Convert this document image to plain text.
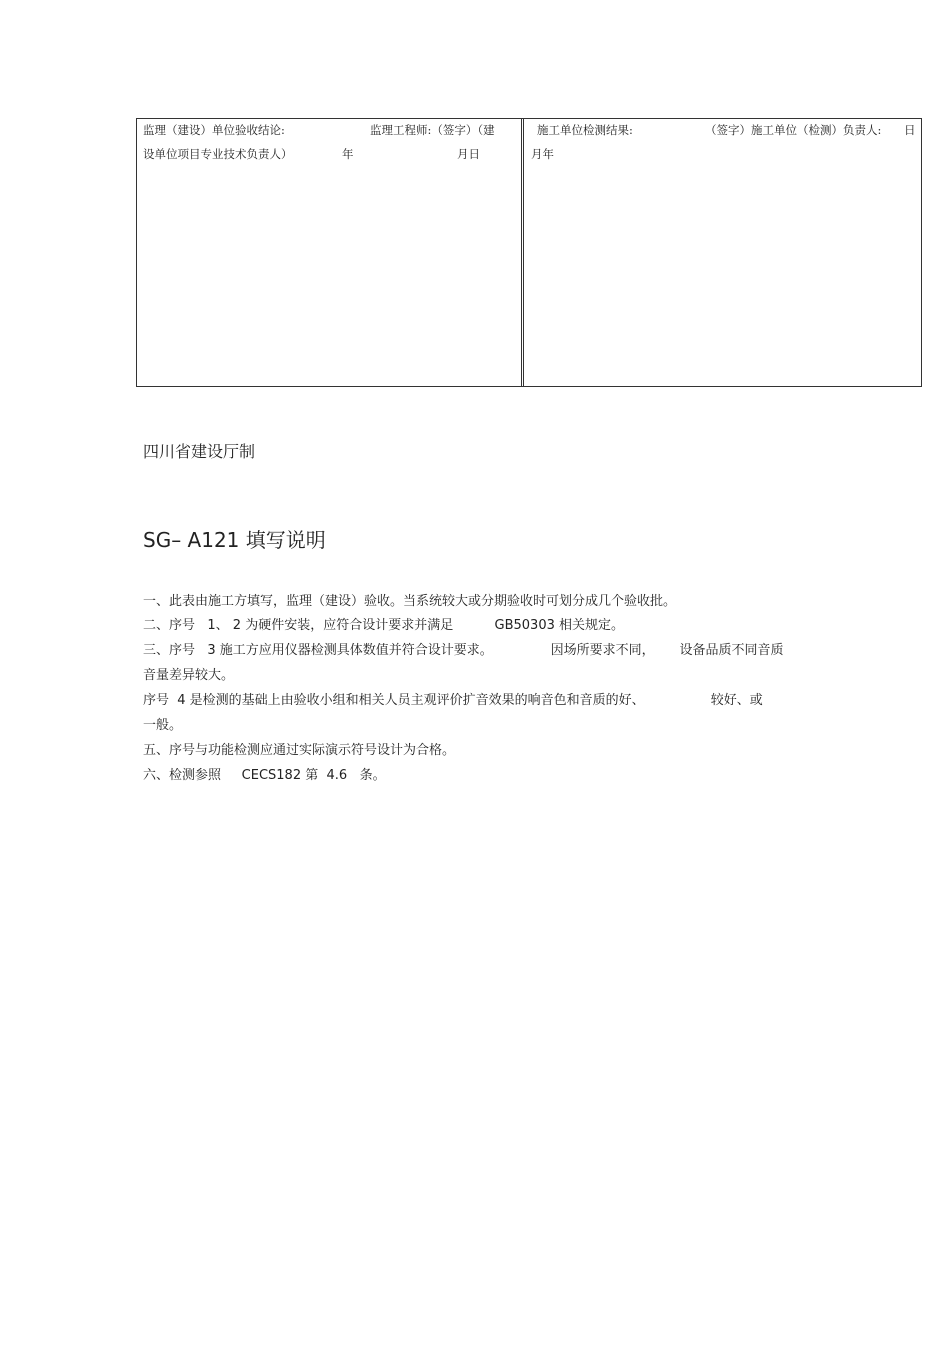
监理（建设）单位验收结论:	监理工程师:（签字）（建
设单位项目专业技术负责人）	年	月日
施工单位检测结果:	（签字）施工单位（检测）负责人: 日
月年
四川省建设厅制
SG– A121 填写说明
一、此表由施工方填写，监理（建设）验收。当系统较大或分期验收时可划分成几个验收批。
二、序号   1、 2 为硬件安装，应符合设计要求并满足          GB50303 相关规定。
三、序号   3 施工方应用仪器检测具体数值并符合设计要求。              因场所要求不同，      设备品质不同音质
音量差异较大。
序号  4 是检测的基础上由验收小组和相关人员主观评价扩音效果的响音色和音质的好、                较好、或
一般。
五、序号与功能检测应通过实际演示符号设计为合格。
六、检测参照     CECS182 第  4.6   条。
